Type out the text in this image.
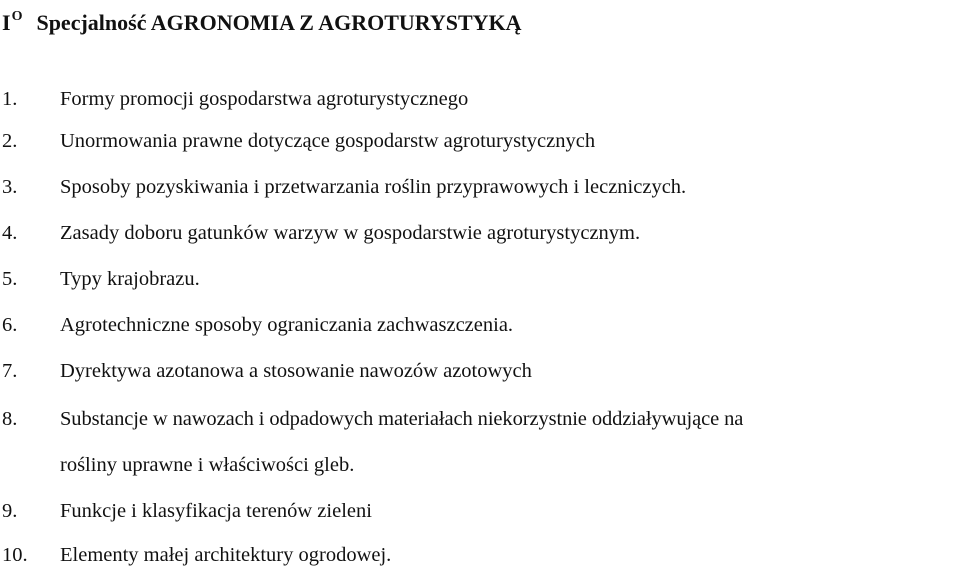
$I^O$ Specjalność AGRONOMIA Z AGROTURYSTYKĄ
1. Formy promocji gospodarstwa agroturystycznego
2. Unormowania prawne dotyczące gospodarstw agroturystycznych
3. Sposoby pozyskiwania i przetwarzania roślin przyprawowych i leczniczych.
4. Zasady doboru gatunków warzyw w gospodarstwie agroturystycznym.
5. Typy krajobrazu.
6. Agrotechniczne sposoby ograniczania zachwaszczenia.
7. Dyrektywa azotanowa a stosowanie nawozów azotowych
8. Substancje w nawozach i odpadowych materiałach niekorzystnie oddziaływujące na
rośliny uprawne i właściwości gleb.
9. Funkcje i klasyfikacja terenów zieleni
10. Elementy małej architektury ogrodowej.
